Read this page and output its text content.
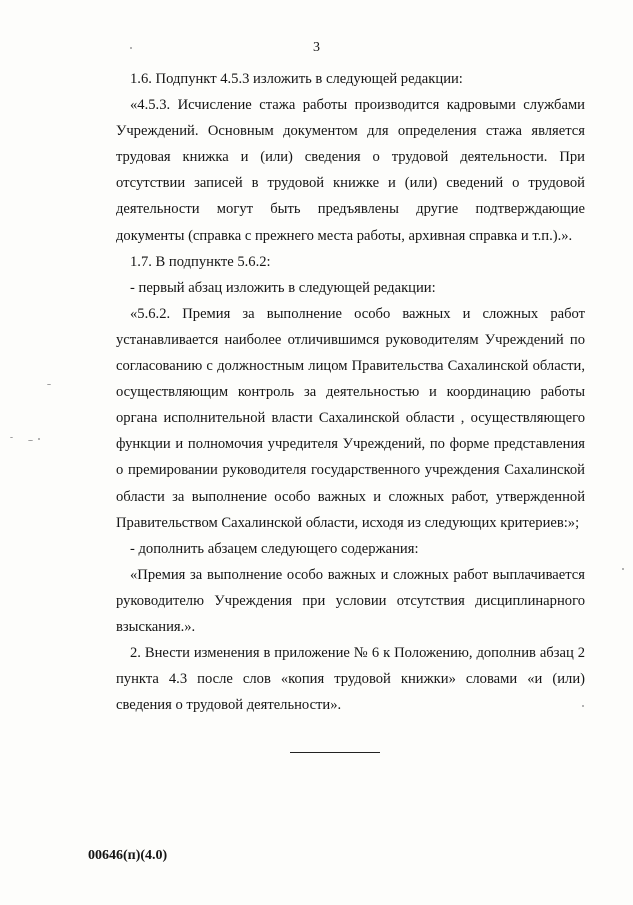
3

1.6. Подпункт 4.5.3 изложить в следующей редакции:

«4.5.3. Исчисление стажа работы производится кадровыми службами Учреждений. Основным документом для определения стажа является трудовая книжка и (или) сведения о трудовой деятельности. При отсутствии записей в трудовой книжке и (или) сведений о трудовой деятельности могут быть предъявлены другие подтверждающие документы (справка с прежнего места работы, архивная справка и т.п.).».

1.7. В подпункте 5.6.2:

- первый абзац изложить в следующей редакции:

«5.6.2. Премия за выполнение особо важных и сложных работ устанавливается наиболее отличившимся руководителям Учреждений по согласованию с должностным лицом Правительства Сахалинской области, осуществляющим контроль за деятельностью и координацию работы органа исполнительной власти Сахалинской области , осуществляющего функции и полномочия учредителя Учреждений, по форме представления о премировании руководителя государственного учреждения Сахалинской области за выполнение особо важных и сложных работ, утвержденной Правительством Сахалинской области, исходя из следующих критериев:»;

- дополнить абзацем следующего содержания:

«Премия за выполнение особо важных и сложных работ выплачивается руководителю Учреждения при условии отсутствия дисциплинарного взыскания.».

2. Внести изменения в приложение № 6 к Положению, дополнив абзац 2 пункта 4.3 после слов «копия трудовой книжки» словами «и (или) сведения о трудовой деятельности».

00646(п)(4.0)
